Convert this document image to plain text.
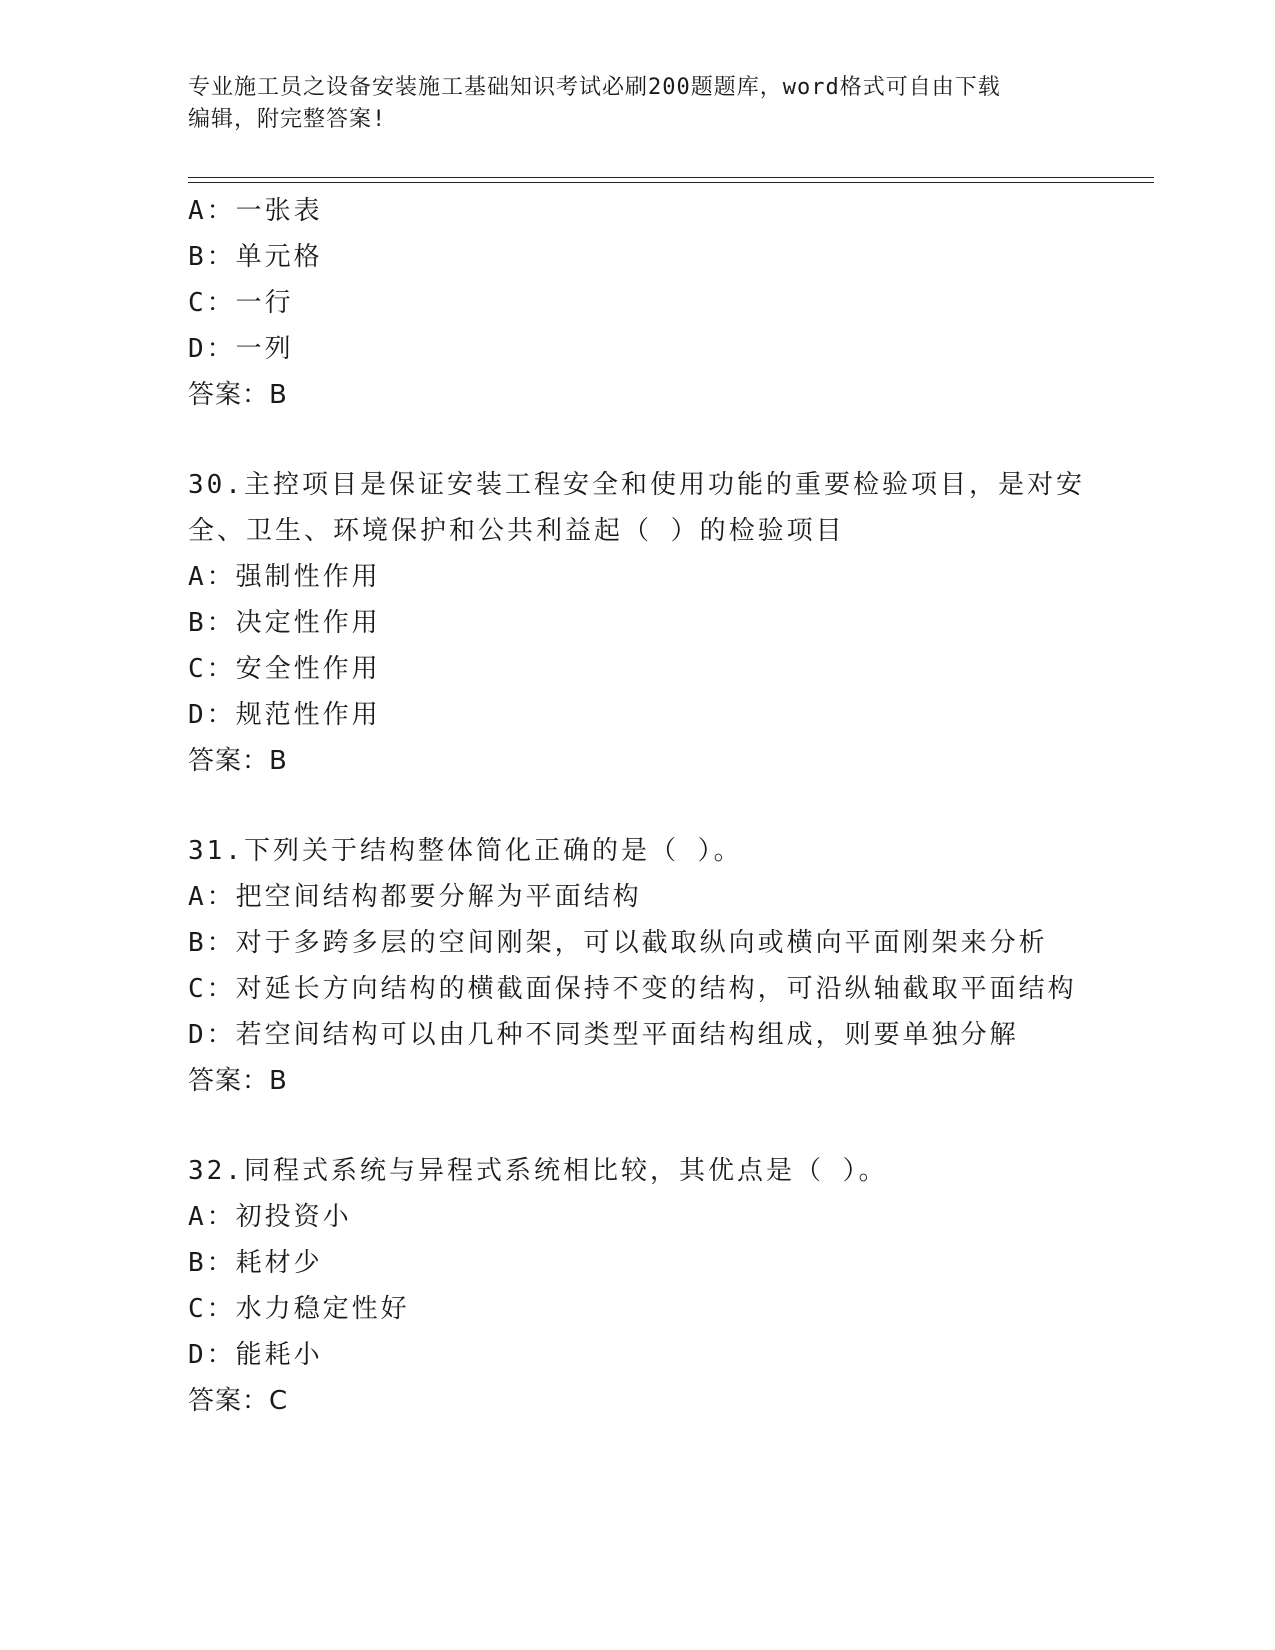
专业施工员之设备安装施工基础知识考试必刷200题题库，word格式可自由下载
编辑，附完整答案!
A：一张表
B：单元格
C：一行
D：一列
答案：B
30.主控项目是保证安装工程安全和使用功能的重要检验项目，是对安
全、卫生、环境保护和公共利益起（ ）的检验项目
A：强制性作用
B：决定性作用
C：安全性作用
D：规范性作用
答案：B
31.下列关于结构整体简化正确的是（ ）。
A：把空间结构都要分解为平面结构
B：对于多跨多层的空间刚架，可以截取纵向或横向平面刚架来分析
C：对延长方向结构的横截面保持不变的结构，可沿纵轴截取平面结构
D：若空间结构可以由几种不同类型平面结构组成，则要单独分解
答案：B
32.同程式系统与异程式系统相比较，其优点是（ ）。
A：初投资小
B：耗材少
C：水力稳定性好
D：能耗小
答案：C
